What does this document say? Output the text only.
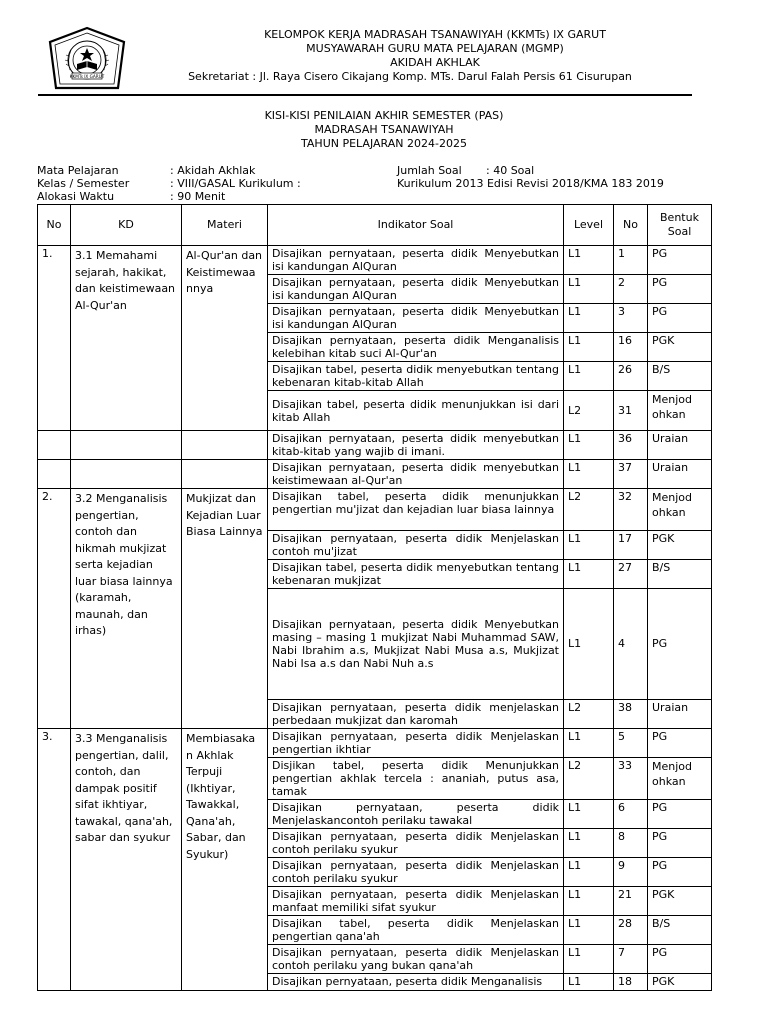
KKMTs IX GARUT
KELOMPOK KERJA MADRASAH TSANAWIYAH (KKMTs) IX GARUT
MUSYAWARAH GURU MATA PELAJARAN (MGMP)
AKIDAH AKHLAK
Sekretariat : Jl. Raya Cisero Cikajang Komp. MTs. Darul Falah Persis 61 Cisurupan
KISI-KISI PENILAIAN AKHIR SEMESTER (PAS)
MADRASAH TSANAWIYAH
TAHUN PELAJARAN 2024-2025
Mata Pelajaran	: Akidah Akhlak
Kelas / Semester	: VIII/GASAL Kurikulum :
Alokasi Waktu	: 90 Menit
Jumlah Soal : 40 Soal
Kurikulum 2013 Edisi Revisi 2018/KMA 183 2019
No	KD	Materi	Indikator Soal	Level	No	Bentuk Soal
1.	3.1 Memahami sejarah, hakikat, dan keistimewaan Al-Qur'an	Al-Qur'an dan Keistimewaa nnya	Disajikan pernyataan, peserta didik Menyebutkan isi kandungan AlQuran	L1	1	PG
			Disajikan pernyataan, peserta didik Menyebutkan isi kandungan AlQuran	L1	2	PG
			Disajikan pernyataan, peserta didik Menyebutkan isi kandungan AlQuran	L1	3	PG
			Disajikan pernyataan, peserta didik Menganalisis kelebihan kitab suci Al-Qur'an	L1	16	PGK
			Disajikan tabel, peserta didik menyebutkan tentang kebenaran kitab-kitab Allah	L1	26	B/S
			Disajikan tabel, peserta didik menunjukkan isi dari kitab Allah	L2	31	Menjod ohkan
			Disajikan pernyataan, peserta didik menyebutkan kitab-kitab yang wajib di imani.	L1	36	Uraian
			Disajikan pernyataan, peserta didik menyebutkan keistimewaan al-Qur'an	L1	37	Uraian
2.	3.2 Menganalisis pengertian, contoh dan hikmah mukjizat serta kejadian luar biasa lainnya (karamah, maunah, dan irhas)	Mukjizat dan Kejadian Luar Biasa Lainnya	Disajikan tabel, peserta didik menunjukkan pengertian mu'jizat dan kejadian luar biasa lainnya	L2	32	Menjod ohkan
			Disajikan pernyataan, peserta didik Menjelaskan contoh mu'jizat	L1	17	PGK
			Disajikan tabel, peserta didik menyebutkan tentang kebenaran mukjizat	L1	27	B/S
			Disajikan pernyataan, peserta didik Menyebutkan masing – masing 1 mukjizat Nabi Muhammad SAW, Nabi Ibrahim a.s, Mukjizat Nabi Musa a.s, Mukjizat Nabi Isa a.s dan Nabi Nuh a.s	L1	4	PG
			Disajikan pernyataan, peserta didik menjelaskan perbedaan mukjizat dan karomah	L2	38	Uraian
3.	3.3 Menganalisis pengertian, dalil, contoh, dan dampak positif sifat ikhtiyar, tawakal, qana'ah, sabar dan syukur	Membiasaka n Akhlak Terpuji (Ikhtiyar, Tawakkal, Qana'ah, Sabar, dan Syukur)	Disajikan pernyataan, peserta didik Menjelaskan pengertian ikhtiar	L1	5	PG
			Disjikan tabel, peserta didik Menunjukkan pengertian akhlak tercela : ananiah, putus asa, tamak	L2	33	Menjod ohkan
			Disajikan pernyataan, peserta didik Menjelaskancontoh perilaku tawakal	L1	6	PG
			Disajikan pernyataan, peserta didik Menjelaskan contoh perilaku syukur	L1	8	PG
			Disajikan pernyataan, peserta didik Menjelaskan contoh perilaku syukur	L1	9	PG
			Disajikan pernyataan, peserta didik Menjelaskan manfaat memiliki sifat syukur	L1	21	PGK
			Disajikan tabel, peserta didik Menjelaskan pengertian qana'ah	L1	28	B/S
			Disajikan pernyataan, peserta didik Menjelaskan contoh perilaku yang bukan qana'ah	L1	7	PG
			Disajikan pernyataan, peserta didik Menganalisis	L1	18	PGK
